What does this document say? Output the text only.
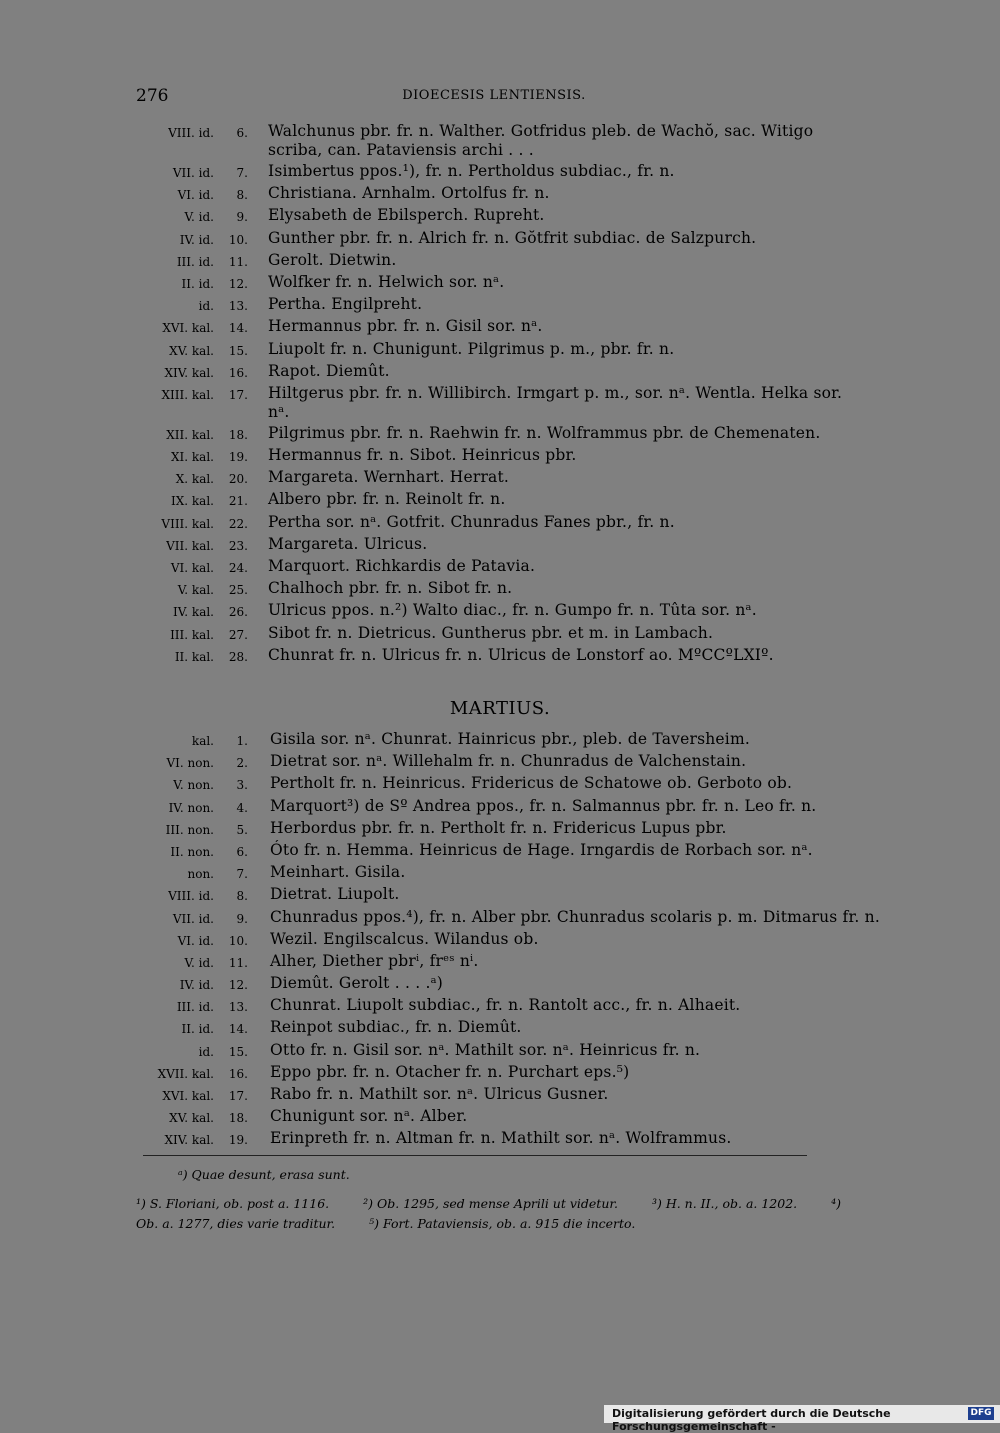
276	DIOECESIS LENTIENSIS.
VIII. id. 6. Walchunus pbr. fr. n. Walther. Gotfridus pleb. de Wachŏ, sac. Witigo scriba, can. Pataviensis archi . . .
VII. id. 7. Isimbertus ppos.¹), fr. n. Pertholdus subdiac., fr. n.
VI. id. 8. Christiana. Arnhalm. Ortolfus fr. n.
V. id. 9. Elysabeth de Ebilsperch. Rupreht.
IV. id. 10. Gunther pbr. fr. n. Alrich fr. n. Gŏtfrit subdiac. de Salzpurch.
III. id. 11. Gerolt. Dietwin.
II. id. 12. Wolfker fr. n. Helwich sor. nᵃ.
id. 13. Pertha. Engilpreht.
XVI. kal. 14. Hermannus pbr. fr. n. Gisil sor. nᵃ.
XV. kal. 15. Liupolt fr. n. Chunigunt. Pilgrimus p. m., pbr. fr. n.
XIV. kal. 16. Rapot. Diemût.
XIII. kal. 17. Hiltgerus pbr. fr. n. Willibirch. Irmgart p. m., sor. nᵃ. Wentla. Helka sor. nᵃ.
XII. kal. 18. Pilgrimus pbr. fr. n. Raehwin fr. n. Wolframmus pbr. de Chemenaten.
XI. kal. 19. Hermannus fr. n. Sibot. Heinricus pbr.
X. kal. 20. Margareta. Wernhart. Herrat.
IX. kal. 21. Albero pbr. fr. n. Reinolt fr. n.
VIII. kal. 22. Pertha sor. nᵃ. Gotfrit. Chunradus Fanes pbr., fr. n.
VII. kal. 23. Margareta. Ulricus.
VI. kal. 24. Marquort. Richkardis de Patavia.
V. kal. 25. Chalhoch pbr. fr. n. Sibot fr. n.
IV. kal. 26. Ulricus ppos. n.²) Walto diac., fr. n. Gumpo fr. n. Tûta sor. nᵃ.
III. kal. 27. Sibot fr. n. Dietricus. Guntherus pbr. et m. in Lambach.
II. kal. 28. Chunrat fr. n. Ulricus fr. n. Ulricus de Lonstorf ao. MºCCºLXIº.
MARTIUS.
kal. 1. Gisila sor. nᵃ. Chunrat. Hainricus pbr., pleb. de Taversheim.
VI. non. 2. Dietrat sor. nᵃ. Willehalm fr. n. Chunradus de Valchenstain.
V. non. 3. Pertholt fr. n. Heinricus. Fridericus de Schatowe ob. Gerboto ob.
IV. non. 4. Marquort³) de Sº Andrea ppos., fr. n. Salmannus pbr. fr. n. Leo fr. n.
III. non. 5. Herbordus pbr. fr. n. Pertholt fr. n. Fridericus Lupus pbr.
II. non. 6. Óto fr. n. Hemma. Heinricus de Hage. Irngardis de Rorbach sor. nᵃ.
non. 7. Meinhart. Gisila.
VIII. id. 8. Dietrat. Liupolt.
VII. id. 9. Chunradus ppos.⁴), fr. n. Alber pbr. Chunradus scolaris p. m. Ditmarus fr. n.
VI. id. 10. Wezil. Engilscalcus. Wilandus ob.
V. id. 11. Alher, Diether pbrⁱ, frᵉˢ nⁱ.
IV. id. 12. Diemût. Gerolt . . . .ᵃ)
III. id. 13. Chunrat. Liupolt subdiac., fr. n. Rantolt acc., fr. n. Alhaeit.
II. id. 14. Reinpot subdiac., fr. n. Diemût.
id. 15. Otto fr. n. Gisil sor. nᵃ. Mathilt sor. nᵃ. Heinricus fr. n.
XVII. kal. 16. Eppo pbr. fr. n. Otacher fr. n. Purchart eps.⁵)
XVI. kal. 17. Rabo fr. n. Mathilt sor. nᵃ. Ulricus Gusner.
XV. kal. 18. Chunigunt sor. nᵃ. Alber.
XIV. kal. 19. Erinpreth fr. n. Altman fr. n. Mathilt sor. nᵃ. Wolframmus.
ᵃ) Quae desunt, erasa sunt.
¹) S. Floriani, ob. post a. 1116.	²) Ob. 1295, sed mense Aprili ut videtur.	³) H. n. II., ob. a. 1202.	⁴) Ob. a. 1277, dies varie traditur.	⁵) Fort. Pataviensis, ob. a. 915 die incerto.
Digitalisierung gefördert durch die Deutsche Forschungsgemeinschaft -
DFG
